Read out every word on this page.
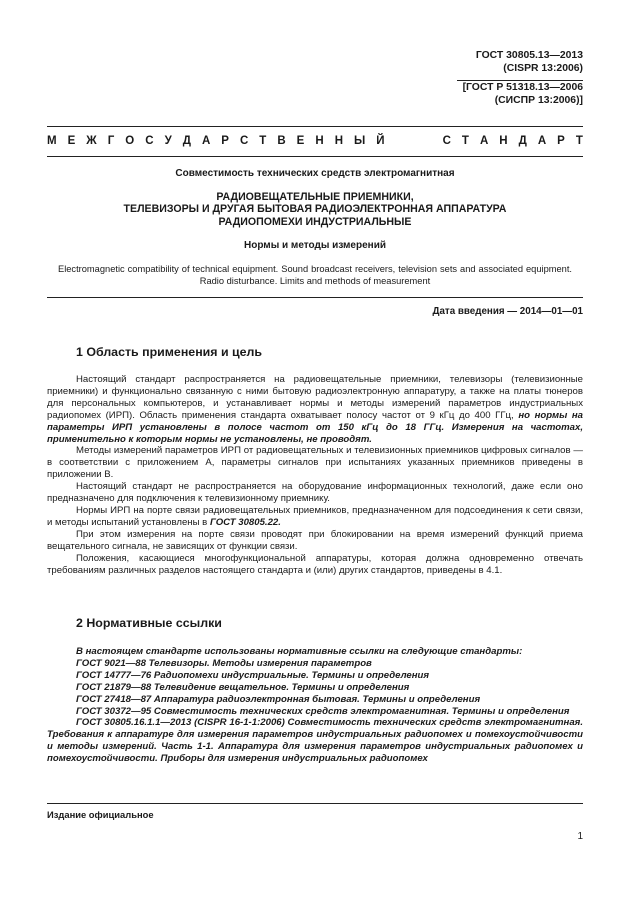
ГОСТ 30805.13—2013
(CISPR 13:2006)
[ГОСТ Р 51318.13—2006
(СИСПР 13:2006)]
М Е Ж Г О С У Д А Р С Т В Е Н Н Ы Й	С Т А Н Д А Р Т
Совместимость технических средств электромагнитная
РАДИОВЕЩАТЕЛЬНЫЕ ПРИЕМНИКИ,
ТЕЛЕВИЗОРЫ И ДРУГАЯ БЫТОВАЯ РАДИОЭЛЕКТРОННАЯ АППАРАТУРА
РАДИОПОМЕХИ ИНДУСТРИАЛЬНЫЕ
Нормы и методы измерений
Electromagnetic compatibility of technical equipment. Sound broadcast receivers, television sets and associated equipment. Radio disturbance. Limits and methods of measurement
Дата введения — 2014—01—01
1 Область применения и цель

Настоящий стандарт распространяется на радиовещательные приемники, телевизоры (телевизионные приемники) и функционально связанную с ними бытовую радиоэлектронную аппаратуру, а также на платы тюнеров для персональных компьютеров, и устанавливает нормы и методы измерений параметров индустриальных радиопомех (ИРП). Область применения стандарта охватывает полосу частот от 9 кГц до 400 ГГц, но нормы на параметры ИРП установлены в полосе частот от 150 кГц до 18 ГГц. Измерения на частотах, применительно к которым нормы не установлены, не проводят.

Методы измерений параметров ИРП от радиовещательных и телевизионных приемников цифровых сигналов — в соответствии с приложением А, параметры сигналов при испытаниях указанных приемников приведены в приложении В.

Настоящий стандарт не распространяется на оборудование информационных технологий, даже если оно предназначено для подключения к телевизионному приемнику.

Нормы ИРП на порте связи радиовещательных приемников, предназначенном для подсоединения к сети связи, и методы испытаний установлены в ГОСТ 30805.22.

При этом измерения на порте связи проводят при блокировании на время измерений функций приема вещательного сигнала, не зависящих от функции связи.

Положения, касающиеся многофункциональной аппаратуры, которая должна одновременно отвечать требованиям различных разделов настоящего стандарта и (или) других стандартов, приведены в 4.1.

2 Нормативные ссылки

В настоящем стандарте использованы нормативные ссылки на следующие стандарты:

ГОСТ 9021—88 Телевизоры. Методы измерения параметров

ГОСТ 14777—76 Радиопомехи индустриальные. Термины и определения

ГОСТ 21879—88 Телевидение вещательное. Термины и определения

ГОСТ 27418—87 Аппаратура радиоэлектронная бытовая. Термины и определения

ГОСТ 30372—95 Совместимость технических средств электромагнитная. Термины и определения

ГОСТ 30805.16.1.1—2013 (CISPR 16-1-1:2006) Совместимость технических средств электромагнитная. Требования к аппаратуре для измерения параметров индустриальных радиопомех и помехоустойчивости и методы измерений. Часть 1-1. Аппаратура для измерения параметров индустриальных радиопомех и помехоустойчивости. Приборы для измерения индустриальных радиопомех

Издание официальное
1
